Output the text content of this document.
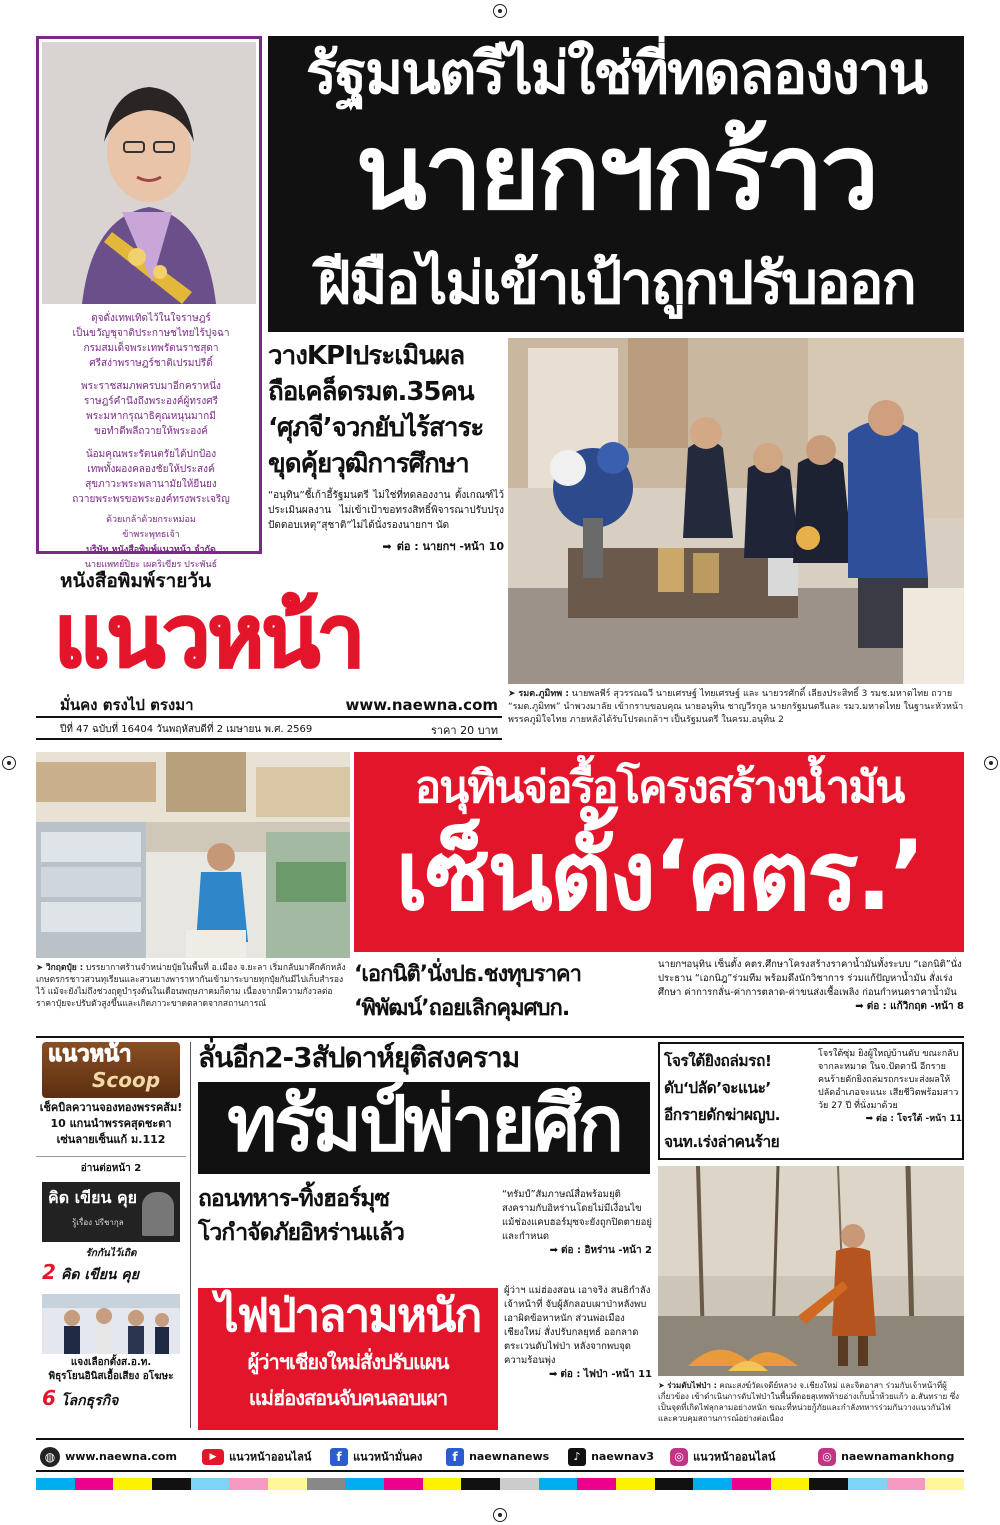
ดุจดั่งเทพเทิดไว้ในใจราษฎร์
เป็นขวัญชุจาติประกาษชไทยไร้ปุจฉา
กรมสมเด็จพระเทพรัตนราชสุดา
ศรีสง่าพราษฎร์ชาติเปรมปรีดิ์
พระราชสมภพครบมาอีกคราหนึ่ง
ราษฎร์คำนึงถึงพระองค์ผู้ทรงศรี
พระมหากรุณาธิคุณหนุนมากมี
ขอทำดีพลีถวายให้พระองค์
น้อมคุณพระรัตนตรัยได้ปกป้อง
เทพทั้งผองคลองชัยให้ประสงค์
สุขภาวะพระพลานามัยให้ยืนยง
ถวายพระพรขอพระองค์ทรงพระเจริญ
ด้วยเกล้าด้วยกระหม่อม
ข้าพระพุทธเจ้า
บริษัท หนังสือพิมพ์แนวหน้า จำกัด
นายแพทย์ปิยะ เผดริเขียร ประพันธ์
รัฐมนตรีไม่ใช่ที่ทดลองงาน
นายกฯกร้าว
ฝีมือไม่เข้าเป้าถูกปรับออก
วางKPIประเมินผล
ถือเคล็ดรมต.35คน
‘ศุภจี’จวกยับไร้สาระ
ขุดคุ้ยวุฒิการศึกษา
“อนุทิน”ชี้เก้าอี้รัฐมนตรี ไม่ใช่ที่ทดลองงาน ตั้งเกณฑ์ไว้ประเมินผลงาน ไม่เข้าเป้าขอทรงสิทธิ์พิจารณาปรับปรุง ปัดตอบเหตุ“สุชาติ”ไม่ได้นั่งรองนายกฯ นัด
➡ ต่อ : นายกฯ -หน้า 10
หนังสือพิมพ์รายวัน
แนวหน้า
มั่นคง ตรงไป ตรงมา	www.naewna.com
ปีที่ 47 ฉบับที่ 16404 วันพฤหัสบดีที่ 2 เมษายน พ.ศ. 2569	ราคา 20 บาท
➤ รมต.ภูมิทพ : นายพลพีร์ สุวรรณฉวี นายเศรษฐ์ ไทยเศรษฐ์ และ นายวรศักดิ์ เลียงประสิทธิ์ 3 รมช.มหาดไทย ถวาย “รมต.ภูมิทพ” นำพวงมาลัย เข้ากราบขอบคุณ นายอนุทิน ชาญวีรกูล นายกรัฐมนตรีและ รมว.มหาดไทย ในฐานะหัวหน้าพรรคภูมิใจไทย ภายหลังได้รับโปรดเกล้าฯ เป็นรัฐมนตรี ในครม.อนุทิน 2
➤ วิกฤตปุ๋ย : บรรยากาศร้านจำหน่ายปุ๋ยในพื้นที่ อ.เมือง จ.ยะลา เริ่มกลับมาคึกคักหลังเกษตรกรชาวสวนทุเรียนและสวนยางพาราหากันเข้ามาระบายทุกปุ๋ยกันมีไปเก็บสำรองไว้ แม้จะยังไม่ถึงช่วงฤดูบำรุงต้นในเดือนพฤษภาคมก็ตาม เนื่องจากมีความกังวลต่อราคาปุ๋ยจะปรับตัวสูงขึ้นและเกิดภาวะขาดตลาดจากสถานการณ์
อนุทินจ่อรื้อโครงสร้างน้ำมัน
เซ็นตั้ง‘คตร.’
‘เอกนิติ’นั่งปธ.ชงทุบราคา
‘พิพัฒน์’ถอยเลิกคุมศบก.
นายกฯอนุทิน เซ็นตั้ง คตร.ศึกษาโครงสร้างราคาน้ำมันทั้งระบบ “เอกนิติ”นั่งประธาน “เอกนิฎ”ร่วมทีม พร้อมดึงนักวิชาการ ร่วมแก้ปัญหาน้ำมัน สั่งเร่งศึกษา ค่าการกลั่น-ค่าการตลาด-ค่าขนส่งเชื้อเพลิง ก่อนกำหนดราคาน้ำมัน
➡ ต่อ : แก้วิกฤต -หน้า 8
แนวหน้า
Scoop
เช็คบิลควานจองทองพรรคส้ม!
10 แกนนำพรรคสุดชะตา
เซ่นลายเซ็นแก้ ม.112
อ่านต่อหน้า 2
คิด เขียน คุย
รู้เรื่อง ปรีชากุล
รักกันไว้เถิด
2 คิด เขียน คุย
แจงเลือกตั้งส.อ.ท.
พิธุรโยนอินิสเอื้อเสียง อโฆษะ
6 โลกธุรกิจ
ลั่นอีก2-3สัปดาห์ยุติสงคราม
ทรัมป์พ่ายศึก
ถอนทหาร-ทิ้งฮอร์มุซ
โวกำจัดภัยอิหร่านแล้ว
“ทรัมป์”สัมภาษณ์สื่อพร้อมยุติสงครามกับอิหร่านโดยไม่มีเงื่อนไข แม้ช่องแคบฮอร์มุซจะยังถูกปิดตายอยู่ และกำหนด
➡ ต่อ : อิหร่าน -หน้า 2
โจรใต้ยิงถล่มรถ!
ดับ‘ปลัด’จะแนะ’
อีกรายดักฆ่าผญบ.
จนท.เร่งล่าคนร้าย
โจรใต้ซุ่ม ยิงผู้ใหญ่บ้านดับ ขณะกลับจากละหมาด ในจ.ปัตตานี อีกรายคนร้ายดักยิงถล่มรถกระบะส่งผลให้ปลัดอำเภอจะแนะ เสียชีวิตพร้อมสาววัย 27 ปี ที่นั่งมาด้วย
➡ ต่อ : โจรใต้ -หน้า 11
ไฟป่าลามหนัก
ผู้ว่าฯเชียงใหม่สั่งปรับแผน
แม่ฮ่องสอนจับคนลอบเผา
ผู้ว่าฯ แม่ฮ่องสอน เอาจริง สนธิกำลังเจ้าหน้าที่ จับผู้ลักลอบเผาป่าหลังพบ เอาผิดข้อหาหนัก ส่วนพ่อเมืองเชียงใหม่ สั่งปรับกลยุทธ์ ออกลาดตระเวนดับไฟป่า หลังจากพบจุดความร้อนพุ่ง
➡ ต่อ : ไฟป่า -หน้า 11
➤ ร่วมดับไฟป่า : คณะสงฆ์วัดเจดีย์หลวง จ.เชียงใหม่ และจิตอาสา ร่วมกับเจ้าหน้าที่ผู้เกี่ยวข้อง เข้าดำเนินการดับไฟป่าในพื้นที่ดอยสุเทพท้ายอ่างเก็บน้ำห้วยแก้ว อ.สันทราย ซึ่งเป็นจุดที่เกิดไฟลุกลามอย่างหนัก ขณะที่หน่วยกู้ภัยและกำลังทหารร่วมกันวางแนวกันไฟและควบคุมสถานการณ์อย่างต่อเนื่อง
◍ www.naewna.com	▶ แนวหน้าออนไลน์	f แนวหน้ามั่นคง	f naewnanews	♪ naewnav3	◎ แนวหน้าออนไลน์	◎ naewnamankhong
